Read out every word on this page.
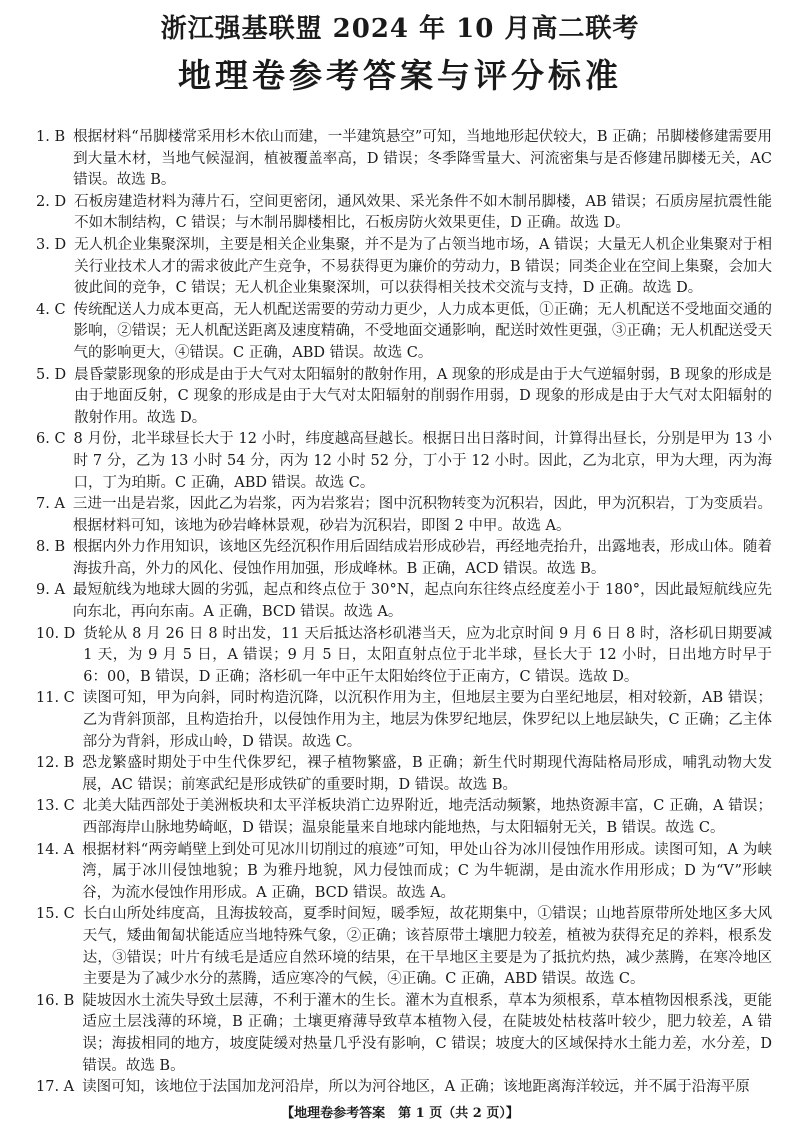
浙江强基联盟 2024 年 10 月高二联考
地理卷参考答案与评分标准
1. B 根据材料“吊脚楼常采用杉木依山而建，一半建筑悬空”可知，当地地形起伏较大，B 正确；吊脚楼修建需要用到大量木材，当地气候湿润，植被覆盖率高，D 错误；冬季降雪量大、河流密集与是否修建吊脚楼无关，AC 错误。故选 B。
2. D 石板房建造材料为薄片石，空间更密闭，通风效果、采光条件不如木制吊脚楼，AB 错误；石质房屋抗震性能不如木制结构，C 错误；与木制吊脚楼相比，石板房防火效果更佳，D 正确。故选 D。
3. D 无人机企业集聚深圳，主要是相关企业集聚，并不是为了占领当地市场，A 错误；大量无人机企业集聚对于相关行业技术人才的需求彼此产生竞争，不易获得更为廉价的劳动力，B 错误；同类企业在空间上集聚，会加大彼此间的竞争，C 错误；无人机企业集聚深圳，可以获得相关技术交流与支持，D 正确。故选 D。
4. C 传统配送人力成本更高，无人机配送需要的劳动力更少，人力成本更低，①正确；无人机配送不受地面交通的影响，②错误；无人机配送距离及速度精确，不受地面交通影响，配送时效性更强，③正确；无人机配送受天气的影响更大，④错误。C 正确，ABD 错误。故选 C。
5. D 晨昏蒙影现象的形成是由于大气对太阳辐射的散射作用，A 现象的形成是由于大气逆辐射弱，B 现象的形成是由于地面反射，C 现象的形成是由于大气对太阳辐射的削弱作用弱，D 现象的形成是由于大气对太阳辐射的散射作用。故选 D。
6. C 8 月份，北半球昼长大于 12 小时，纬度越高昼越长。根据日出日落时间，计算得出昼长，分别是甲为 13 小时 7 分，乙为 13 小时 54 分，丙为 12 小时 52 分，丁小于 12 小时。因此，乙为北京，甲为大理，丙为海口，丁为珀斯。C 正确，ABD 错误。故选 C。
7. A 三进一出是岩浆，因此乙为岩浆，丙为岩浆岩；图中沉积物转变为沉积岩，因此，甲为沉积岩，丁为变质岩。根据材料可知，该地为砂岩峰林景观，砂岩为沉积岩，即图 2 中甲。故选 A。
8. B 根据内外力作用知识，该地区先经沉积作用后固结成岩形成砂岩，再经地壳抬升，出露地表，形成山体。随着海拔升高，外力的风化、侵蚀作用加强，形成峰林。B 正确，ACD 错误。故选 B。
9. A 最短航线为地球大圆的劣弧，起点和终点位于 30°N，起点向东往终点经度差小于 180°，因此最短航线应先向东北，再向东南。A 正确，BCD 错误。故选 A。
10. D 货轮从 8 月 26 日 8 时出发，11 天后抵达洛杉矶港当天，应为北京时间 9 月 6 日 8 时，洛杉矶日期要减 1 天，为 9 月 5 日，A 错误；9 月 5 日，太阳直射点位于北半球，昼长大于 12 小时，日出地方时早于 6：00，B 错误，D 正确；洛杉矶一年中正午太阳始终位于正南方，C 错误。选故 D。
11. C 读图可知，甲为向斜，同时构造沉降，以沉积作用为主，但地层主要为白垩纪地层，相对较新，AB 错误；乙为背斜顶部，且构造抬升，以侵蚀作用为主，地层为侏罗纪地层，侏罗纪以上地层缺失，C 正确；乙主体部分为背斜，形成山岭，D 错误。故选 C。
12. B 恐龙繁盛时期处于中生代侏罗纪，裸子植物繁盛，B 正确；新生代时期现代海陆格局形成，哺乳动物大发展，AC 错误；前寒武纪是形成铁矿的重要时期，D 错误。故选 B。
13. C 北美大陆西部处于美洲板块和太平洋板块消亡边界附近，地壳活动频繁，地热资源丰富，C 正确，A 错误；西部海岸山脉地势崎岖，D 错误；温泉能量来自地球内能地热，与太阳辐射无关，B 错误。故选 C。
14. A 根据材料“两旁峭壁上到处可见冰川切削过的痕迹”可知，甲处山谷为冰川侵蚀作用形成。读图可知，A 为峡湾，属于冰川侵蚀地貌；B 为雅丹地貌，风力侵蚀而成；C 为牛轭湖，是由流水作用形成；D 为“V”形峡谷，为流水侵蚀作用形成。A 正确，BCD 错误。故选 A。
15. C 长白山所处纬度高，且海拔较高，夏季时间短，暖季短，故花期集中，①错误；山地苔原带所处地区多大风天气，矮曲匍匐状能适应当地特殊气象，②正确；该苔原带土壤肥力较差，植被为获得充足的养料，根系发达，③错误；叶片有绒毛是适应自然环境的结果，在干旱地区主要是为了抵抗灼热，减少蒸腾，在寒冷地区主要是为了减少水分的蒸腾，适应寒冷的气候，④正确。C 正确，ABD 错误。故选 C。
16. B 陡坡因水土流失导致土层薄，不利于灌木的生长。灌木为直根系，草本为须根系，草本植物因根系浅，更能适应土层浅薄的环境，B 正确；土壤更瘠薄导致草本植物入侵，在陡坡处枯枝落叶较少，肥力较差，A 错误；海拔相同的地方，坡度陡缓对热量几乎没有影响，C 错误；坡度大的区域保持水土能力差，水分差，D 错误。故选 B。
17. A 读图可知，该地位于法国加龙河沿岸，所以为河谷地区，A 正确；该地距离海洋较远，并不属于沿海平原
【地理卷参考答案　第 1 页（共 2 页）】
